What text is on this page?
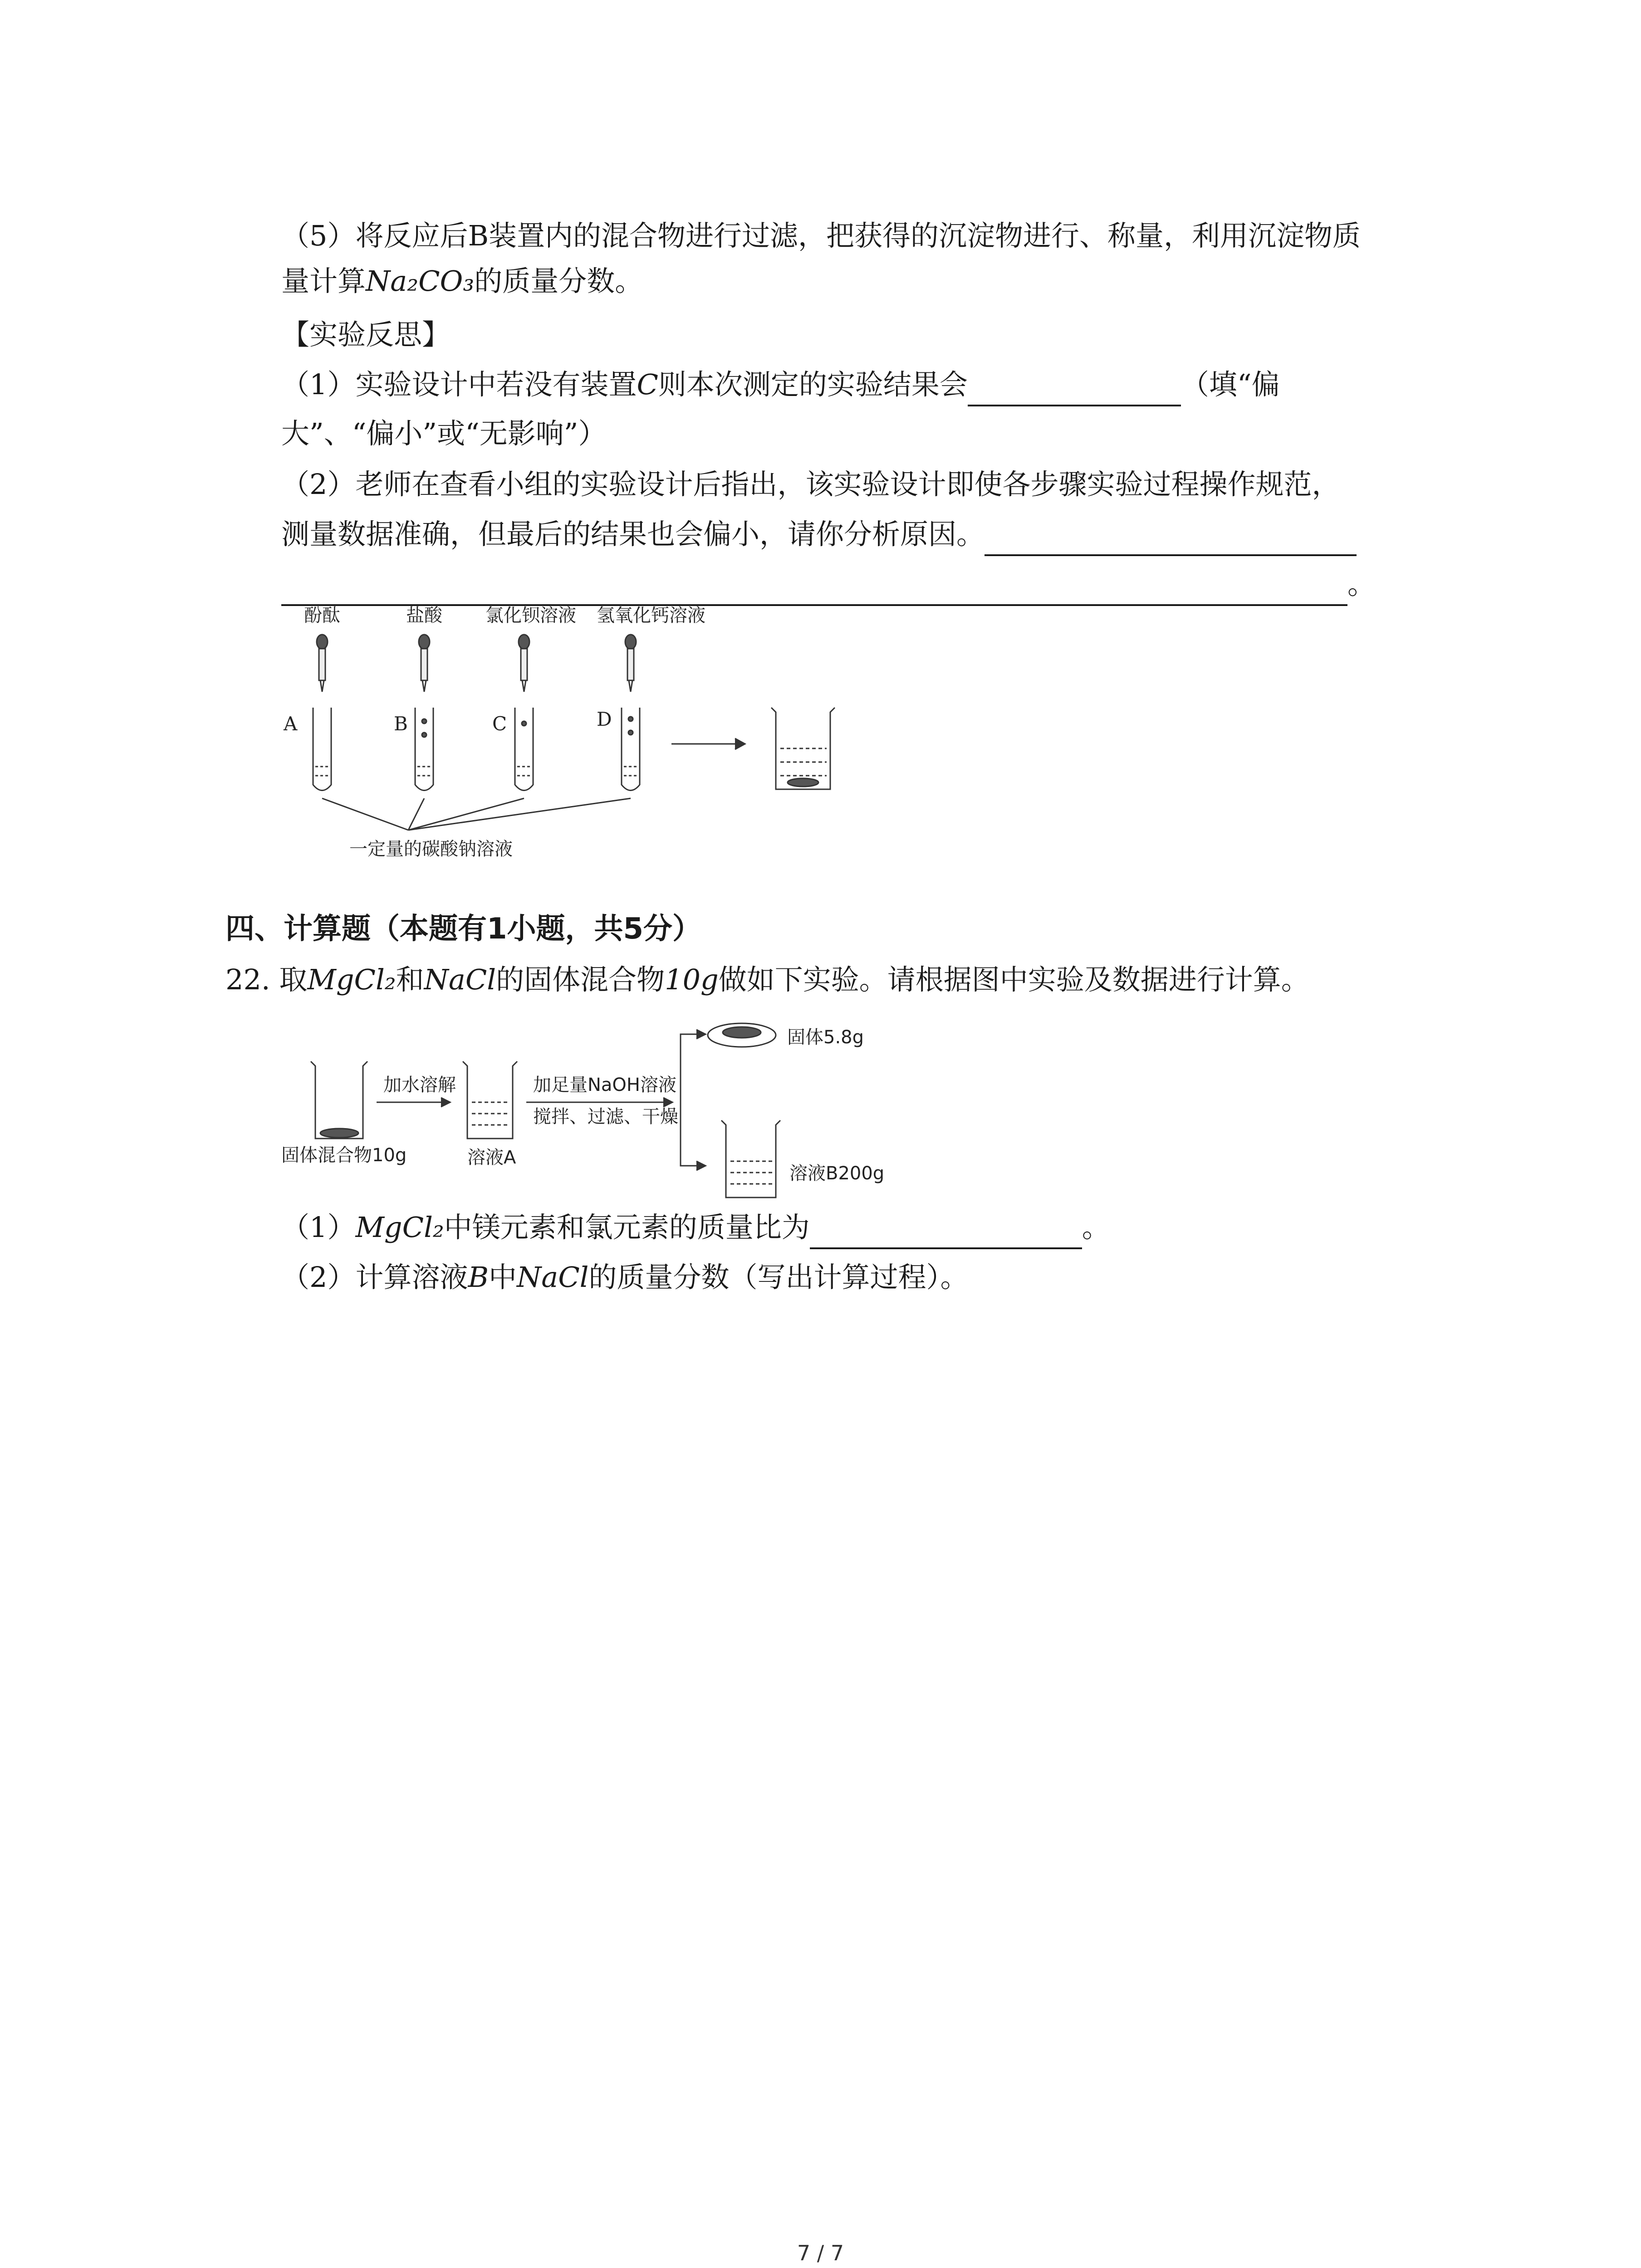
（5）将反应后B装置内的混合物进行过滤，把获得的沉淀物进行、称量，利用沉淀物质
量计算Na₂CO₃的质量分数。
【实验反思】
（1）实验设计中若没有装置C则本次测定的实验结果会	（填“偏
大”、“偏小”或“无影响”）
（2）老师在查看小组的实验设计后指出，该实验设计即使各步骤实验过程操作规范，
测量数据准确，但最后的结果也会偏小，请你分析原因。
。
酚酞	盐酸 氯化钡溶液 氢氧化钙溶液
A	B	C	D
一定量的碳酸钠溶液
四、计算题（本题有1小题，共5分）
22. 取MgCl₂和NaCl的固体混合物10g做如下实验。请根据图中实验及数据进行计算。
加水溶解	加足量NaOH溶液
搅拌、过滤、干燥
固体混合物10g	溶液A
固体5.8g
溶液B200g
（1）MgCl₂中镁元素和氯元素的质量比为	。
（2）计算溶液B中NaCl的质量分数（写出计算过程）。
7 / 7
